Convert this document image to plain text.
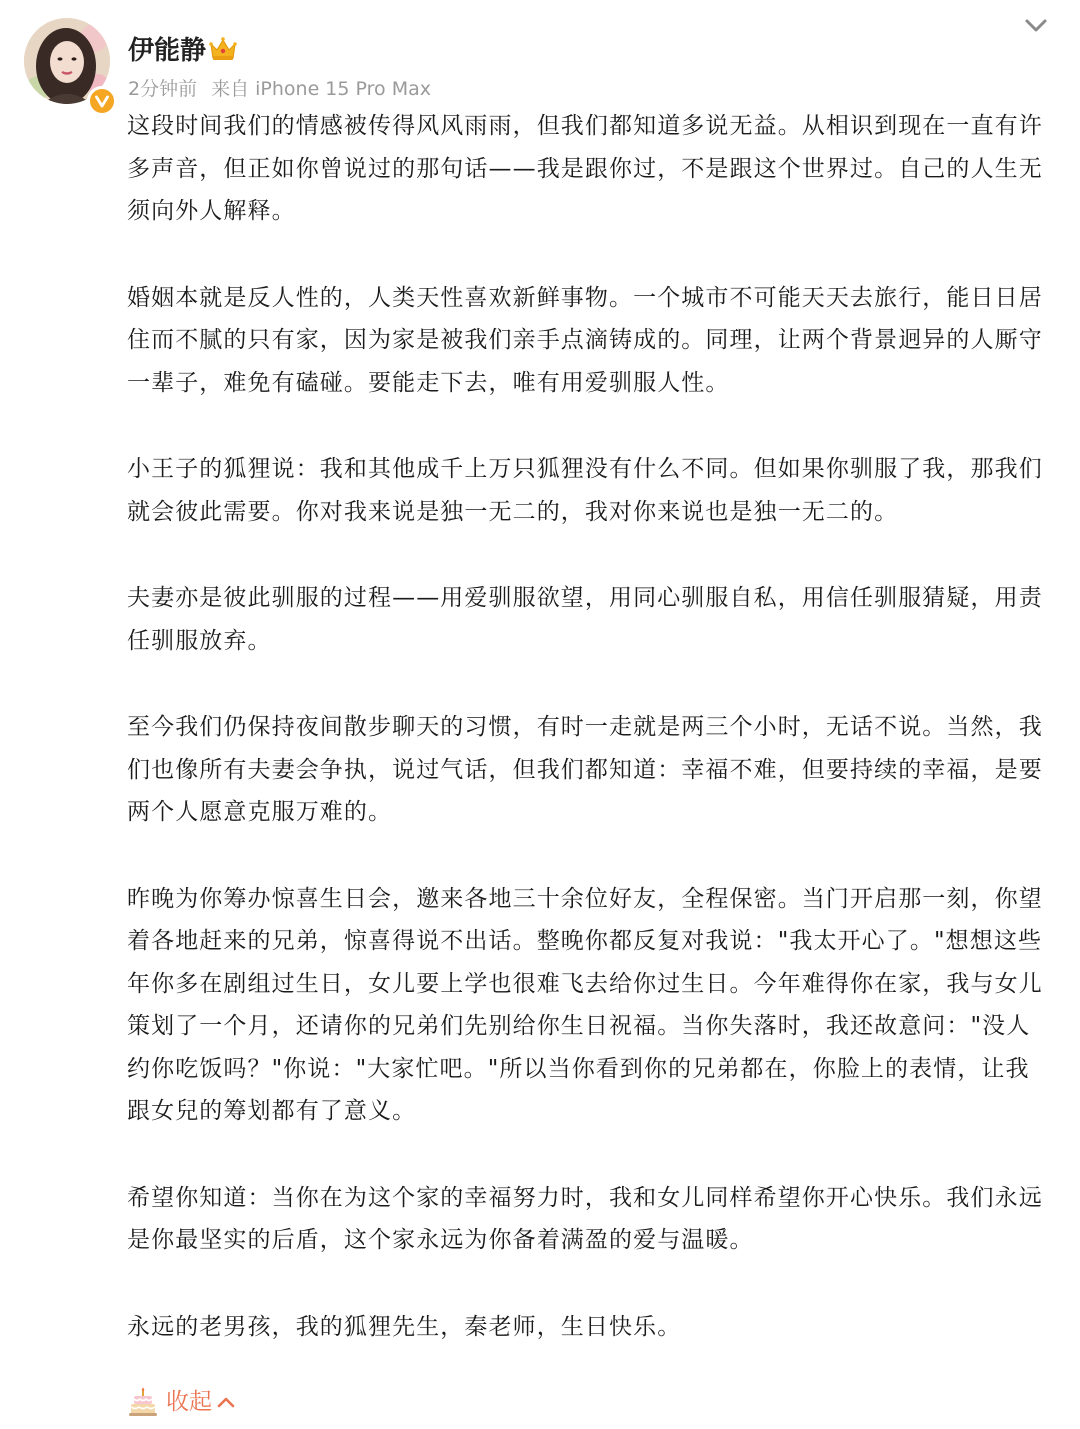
伊能静
2分钟前 来自 iPhone 15 Pro Max

这段时间我们的情感被传得风风雨雨，但我们都知道多说无益。从相识到现在一直有许多声音，但正如你曾说过的那句话——我是跟你过，不是跟这个世界过。自己的人生无须向外人解释。

婚姻本就是反人性的，人类天性喜欢新鲜事物。一个城市不可能天天去旅行，能日日居住而不腻的只有家，因为家是被我们亲手点滴铸成的。同理，让两个背景迥异的人厮守一辈子，难免有磕碰。要能走下去，唯有用爱驯服人性。

小王子的狐狸说：我和其他成千上万只狐狸没有什么不同。但如果你驯服了我，那我们就会彼此需要。你对我来说是独一无二的，我对你来说也是独一无二的。

夫妻亦是彼此驯服的过程——用爱驯服欲望，用同心驯服自私，用信任驯服猜疑，用责任驯服放弃。

至今我们仍保持夜间散步聊天的习惯，有时一走就是两三个小时，无话不说。当然，我们也像所有夫妻会争执，说过气话，但我们都知道：幸福不难，但要持续的幸福，是要两个人愿意克服万难的。

昨晚为你筹办惊喜生日会，邀来各地三十余位好友，全程保密。当门开启那一刻，你望着各地赶来的兄弟，惊喜得说不出话。整晚你都反复对我说："我太开心了。"想想这些年你多在剧组过生日，女儿要上学也很难飞去给你过生日。今年难得你在家，我与女儿策划了一个月，还请你的兄弟们先别给你生日祝福。当你失落时，我还故意问："没人约你吃饭吗？"你说："大家忙吧。"所以当你看到你的兄弟都在，你脸上的表情，让我跟女兒的筹划都有了意义。

希望你知道：当你在为这个家的幸福努力时，我和女儿同样希望你开心快乐。我们永远是你最坚实的后盾，这个家永远为你备着满盈的爱与温暖。

永远的老男孩，我的狐狸先生，秦老师，生日快乐。

收起
